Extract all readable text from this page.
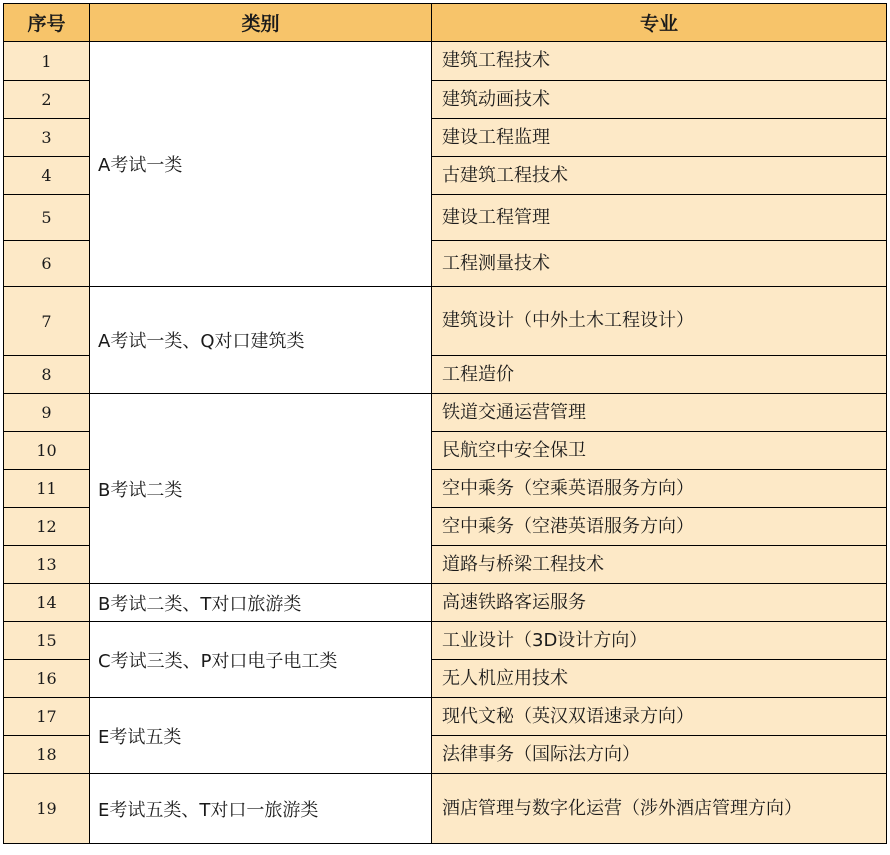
序号	类别	专业
1	A考试一类	建筑工程技术
2		建筑动画技术
3		建设工程监理
4		古建筑工程技术
5		建设工程管理
6		工程测量技术
7	A考试一类、Q对口建筑类	建筑设计（中外土木工程设计）
8		工程造价
9	B考试二类	铁道交通运营管理
10		民航空中安全保卫
11		空中乘务（空乘英语服务方向）
12		空中乘务（空港英语服务方向）
13		道路与桥梁工程技术
14	B考试二类、T对口旅游类	高速铁路客运服务
15	C考试三类、P对口电子电工类	工业设计（3D设计方向）
16		无人机应用技术
17	E考试五类	现代文秘（英汉双语速录方向）
18		法律事务（国际法方向）
19	E考试五类、T对口一旅游类	酒店管理与数字化运营（涉外酒店管理方向）
